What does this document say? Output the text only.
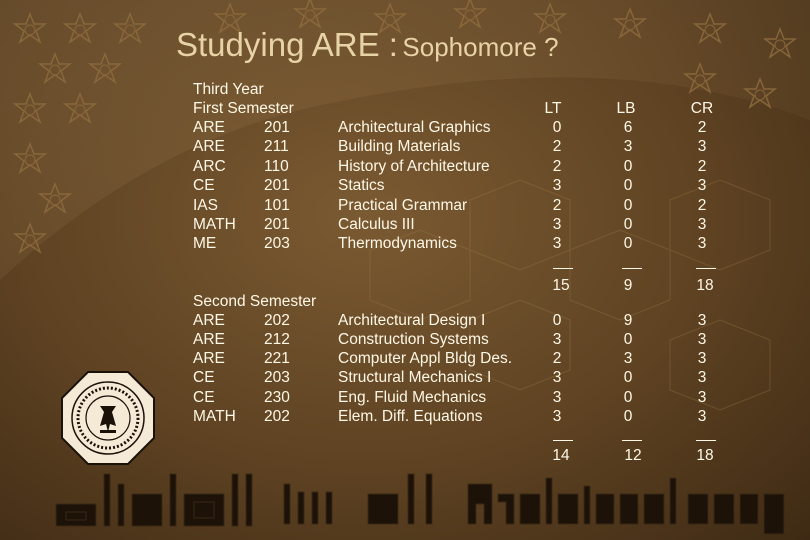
Studying ARE : Sophomore ?
Third Year
LT	LB	CR
First Semester
ARE	201	Architectural Graphics	0	6	2
ARE	211	Building Materials	2	3	3
ARC 110	History of Architecture	2	0	2
CE	201	Statics	3	0	3
IAS	101	Practical Grammar	2	0	2
MATH 201	Calculus III	3	0	3
ME	203	Thermodynamics	3	0	3
15	9	18
Second Semester
ARE	202	Architectural Design I	0	9	3
ARE	212	Construction Systems	3	0	3
ARE	221	Computer Appl Bldg Des.	2	3	3
CE	203	Structural Mechanics I	3	0	3
CE	230	Eng. Fluid Mechanics	3	0	3
MATH 202	Elem. Diff. Equations	3	0	3
14	12	18
